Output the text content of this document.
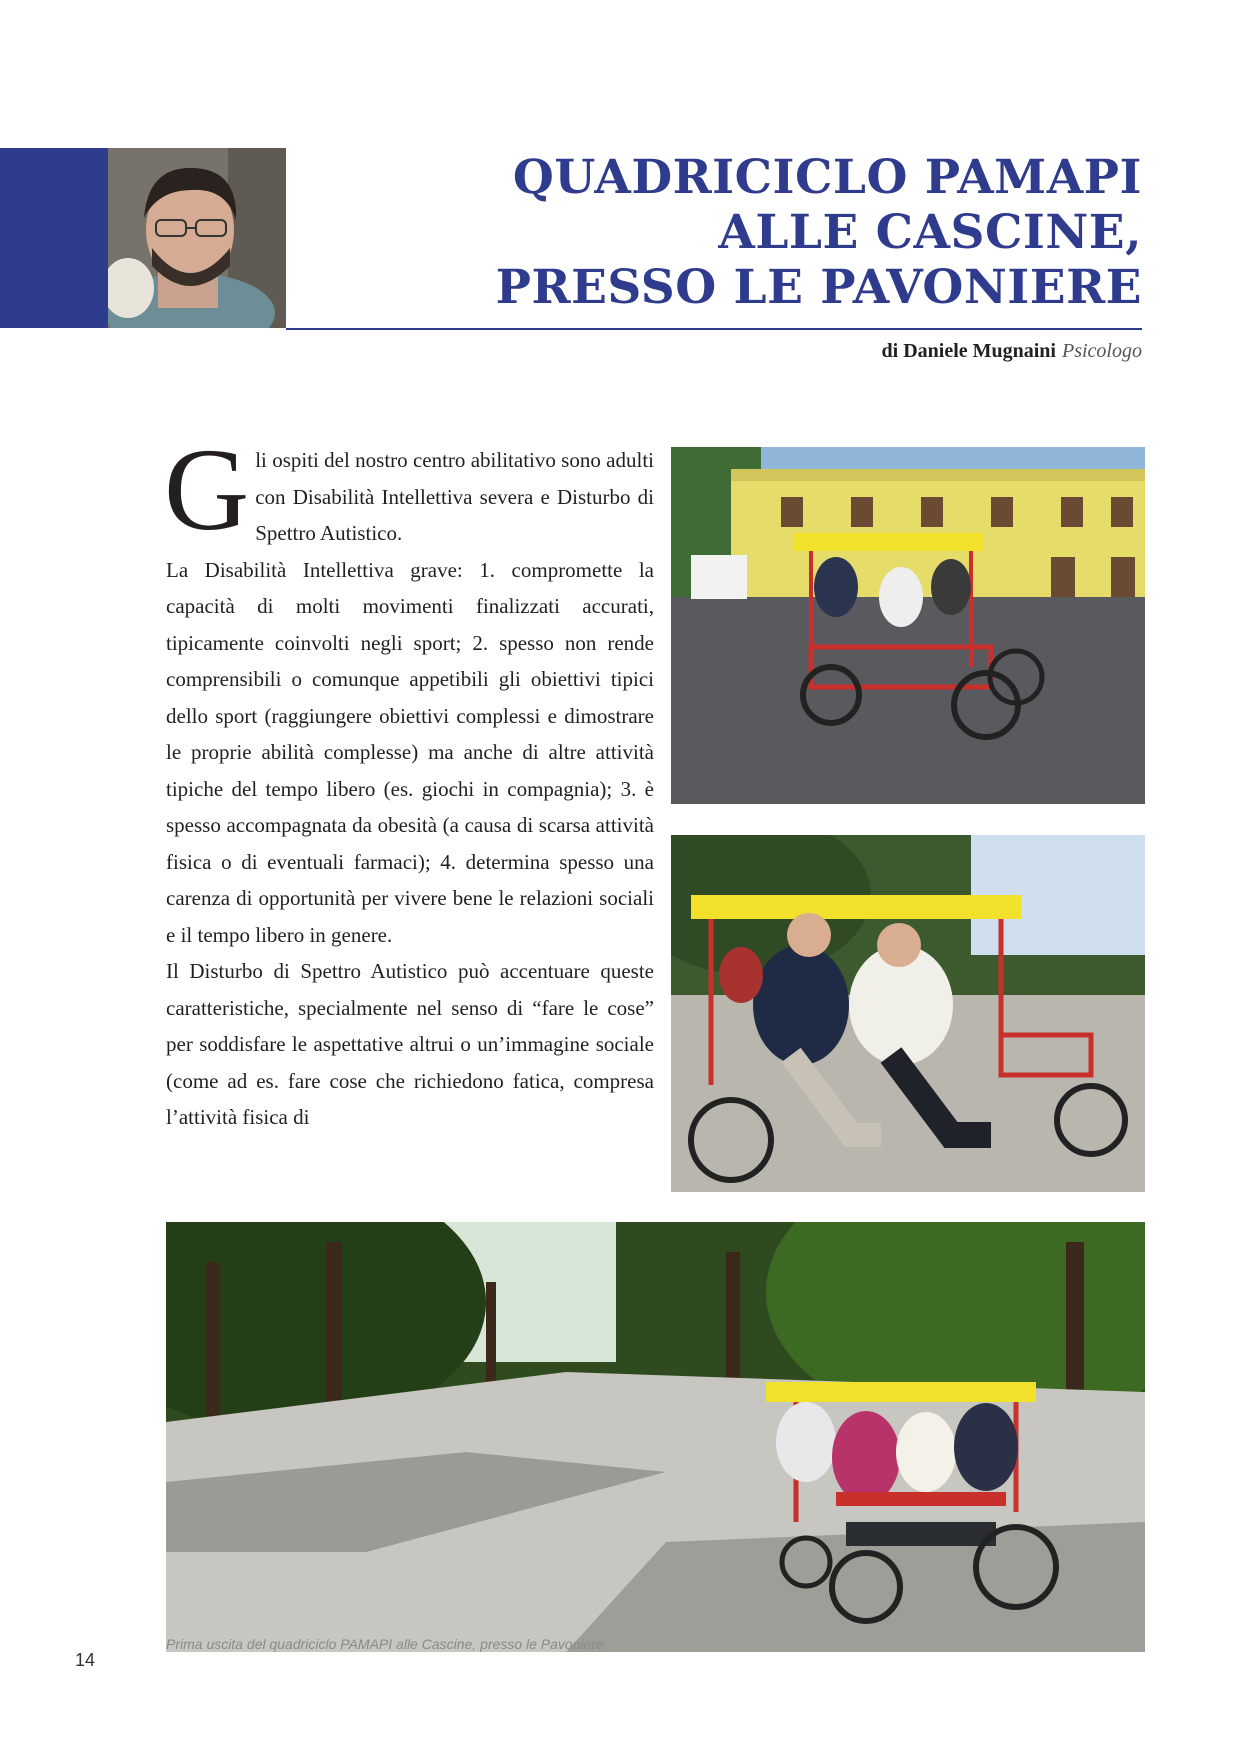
QUADRICICLO PAMAPI
ALLE CASCINE,
PRESSO LE PAVONIERE
di Daniele Mugnaini Psicologo

Gli ospiti del nostro centro abilitativo sono adulti con Disabilità Intellettiva severa e Disturbo di Spettro Autistico.

La Disabilità Intellettiva grave: 1. compromette la capacità di molti movimenti finalizzati accurati, tipicamente coinvolti negli sport; 2. spesso non rende comprensibili o comunque appetibili gli obiettivi tipici dello sport (raggiungere obiettivi complessi e dimostrare le proprie abilità complesse) ma anche di altre attività tipiche del tempo libero (es. giochi in compagnia); 3. è spesso accompagnata da obesità (a causa di scarsa attività fisica o di eventuali farmaci); 4. determina spesso una carenza di opportunità per vivere bene le relazioni sociali e il tempo libero in genere.

Il Disturbo di Spettro Autistico può accentuare queste caratteristiche, specialmente nel senso di “fare le cose” per soddisfare le aspettative altrui o un’immagine sociale (come ad es. fare cose che richiedono fatica, compresa l’attività fisica di

Prima uscita del quadriciclo PAMAPI alle Cascine, presso le Pavoniere
14
